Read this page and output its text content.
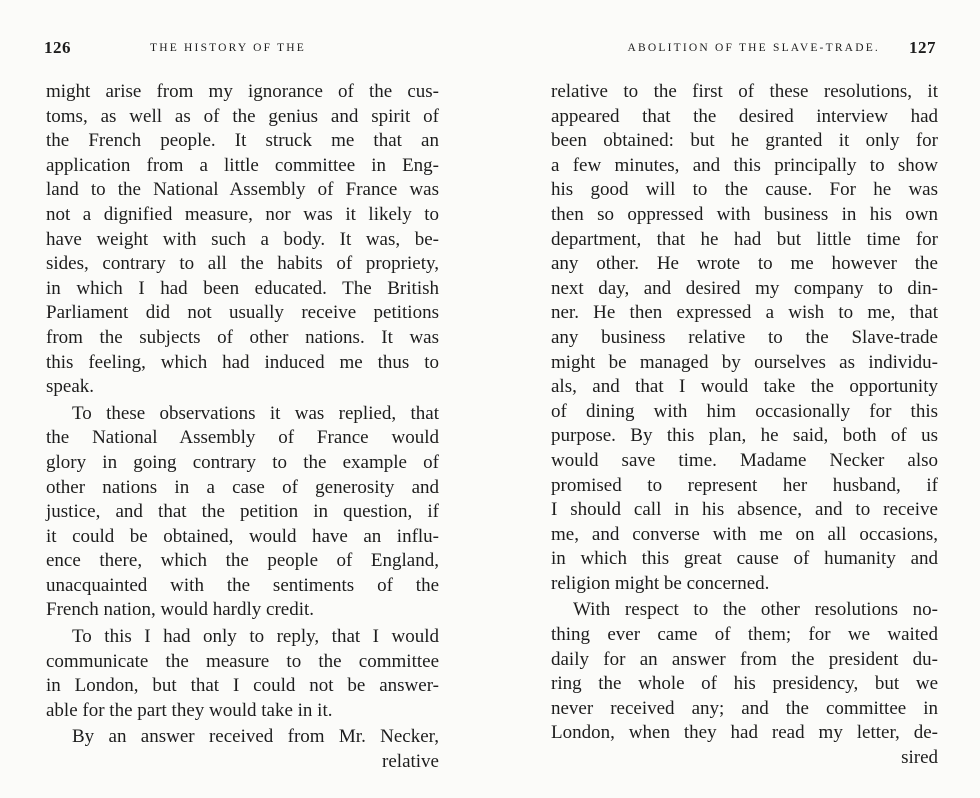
126	THE HISTORY OF THE
might arise from my ignorance of the cus-
toms, as well as of the genius and spirit of
the French people. It struck me that an
application from a little committee in Eng-
land to the National Assembly of France was
not a dignified measure, nor was it likely to
have weight with such a body. It was, be-
sides, contrary to all the habits of propriety,
in which I had been educated. The British
Parliament did not usually receive petitions
from the subjects of other nations. It was
this feeling, which had induced me thus to
speak.
To these observations it was replied, that
the National Assembly of France would
glory in going contrary to the example of
other nations in a case of generosity and
justice, and that the petition in question, if
it could be obtained, would have an influ-
ence there, which the people of England,
unacquainted with the sentiments of the
French nation, would hardly credit.
To this I had only to reply, that I would
communicate the measure to the committee
in London, but that I could not be answer-
able for the part they would take in it.
By an answer received from Mr. Necker,
relative
ABOLITION OF THE SLAVE-TRADE. 127
relative to the first of these resolutions, it
appeared that the desired interview had
been obtained: but he granted it only for
a few minutes, and this principally to show
his good will to the cause. For he was
then so oppressed with business in his own
department, that he had but little time for
any other. He wrote to me however the
next day, and desired my company to din-
ner. He then expressed a wish to me, that
any business relative to the Slave-trade
might be managed by ourselves as individu-
als, and that I would take the opportunity
of dining with him occasionally for this
purpose. By this plan, he said, both of us
would save time. Madame Necker also
promised to represent her husband, if
I should call in his absence, and to receive
me, and converse with me on all occasions,
in which this great cause of humanity and
religion might be concerned.
With respect to the other resolutions no-
thing ever came of them; for we waited
daily for an answer from the president du-
ring the whole of his presidency, but we
never received any; and the committee in
London, when they had read my letter, de-
sired
